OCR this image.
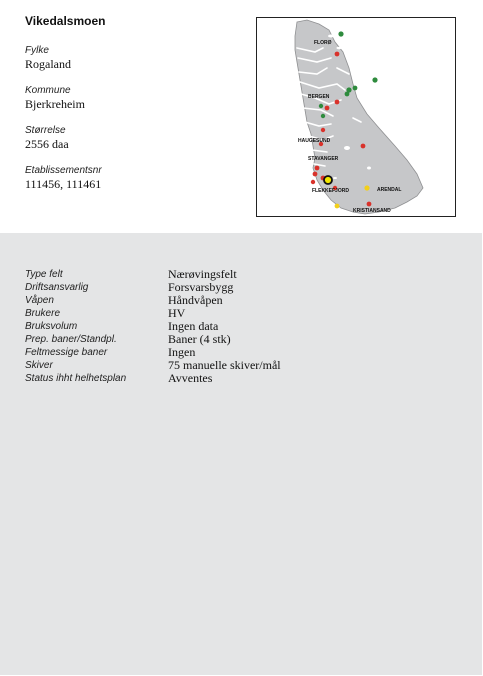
Vikedalsmoen
Fylke
Rogaland
Kommune
Bjerkreheim
Størrelse
2556 daa
Etablissementsnr
111456, 111461
FLORØ
BERGEN
HAUGESUND
STAVANGER
FLEKKEFJORD	ARENDAL
KRISTIANSAND
Type felt	Nærøvingsfelt
Driftsansvarlig	Forsvarsbygg
Våpen	Håndvåpen
Brukere	HV
Bruksvolum	Ingen data
Prep. baner/Standpl.	Baner (4 stk)
Feltmessige baner	Ingen
Skiver	75 manuelle skiver/mål
Status ihht helhetsplan	Avventes
